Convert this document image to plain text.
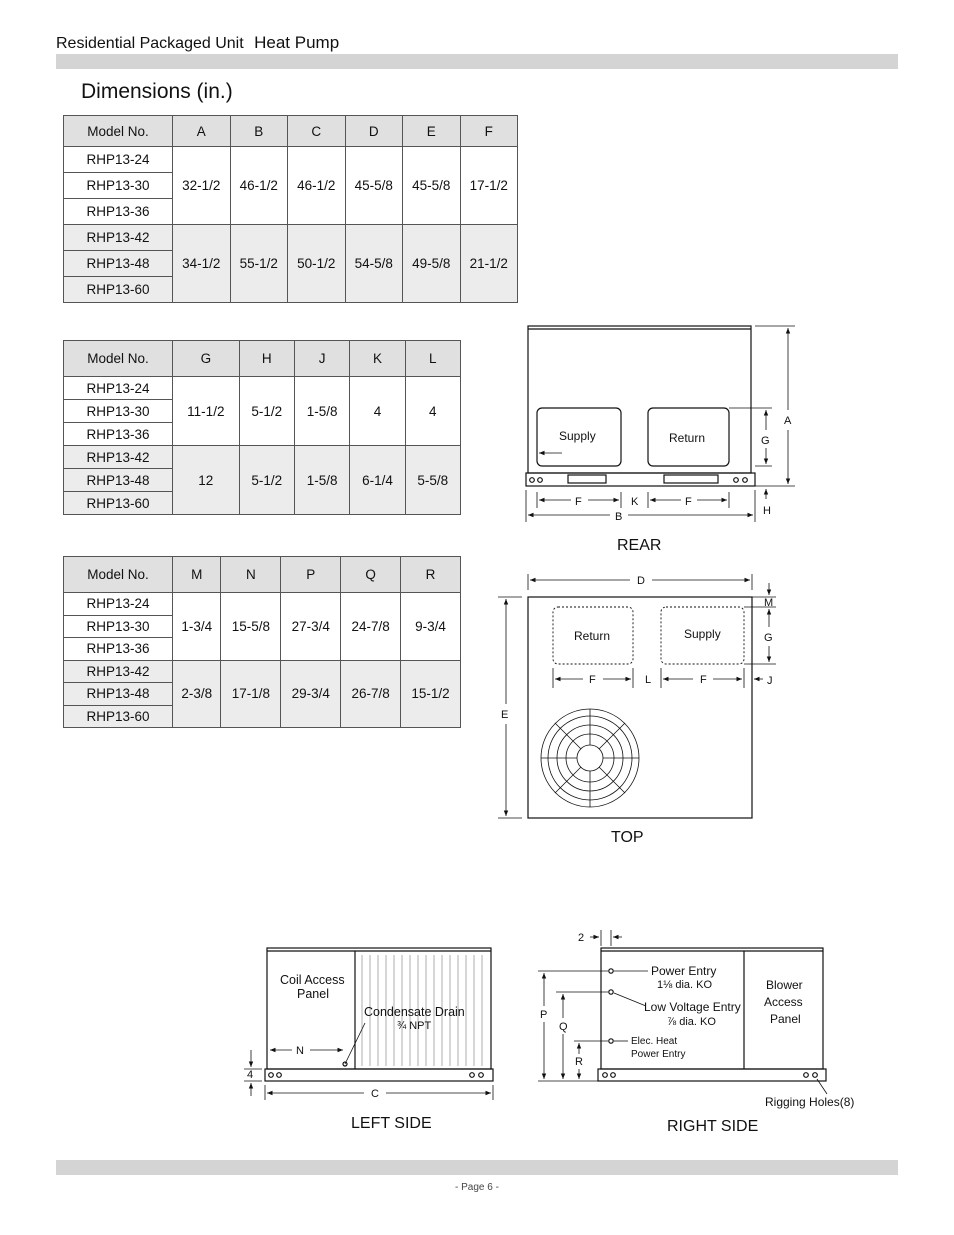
Residential Packaged Unit Heat Pump
Dimensions (in.)
Model No.	A	B	C	D	E	F
RHP13-24	32-1/2	46-1/2	46-1/2	45-5/8	45-5/8	17-1/2
RHP13-30						
RHP13-36						
RHP13-42	34-1/2	55-1/2	50-1/2	54-5/8	49-5/8	21-1/2
RHP13-48						
RHP13-60						
Model No.	G	H	J	K	L
RHP13-24	11-1/2	5-1/2	1-5/8	4	4
RHP13-30					
RHP13-36					
RHP13-42	12	5-1/2	1-5/8	6-1/4	5-5/8
RHP13-48					
RHP13-60					
Model No.	M	N	P	Q	R
RHP13-24	1-3/4	15-5/8	27-3/4	24-7/8	9-3/4
RHP13-30					
RHP13-36					
RHP13-42	2-3/8	17-1/8	29-3/4	26-7/8	15-1/2
RHP13-48					
RHP13-60					
Supply	Return
A
G
H
F	K	F
B
REAR
Return	Supply
D
E
M
G
J
F	L	F
TOP
Coil Access
Panel
Condensate Drain
¾ NPT
N
4
C
LEFT SIDE
Power Entry
Low Voltage Entry
Blower
Access
Panel
Rigging Holes(8)
1⅛ dia. KO
⅞ dia. KO
Elec. Heat
Power Entry
2
P
Q
R
RIGHT SIDE
- Page 6 -
